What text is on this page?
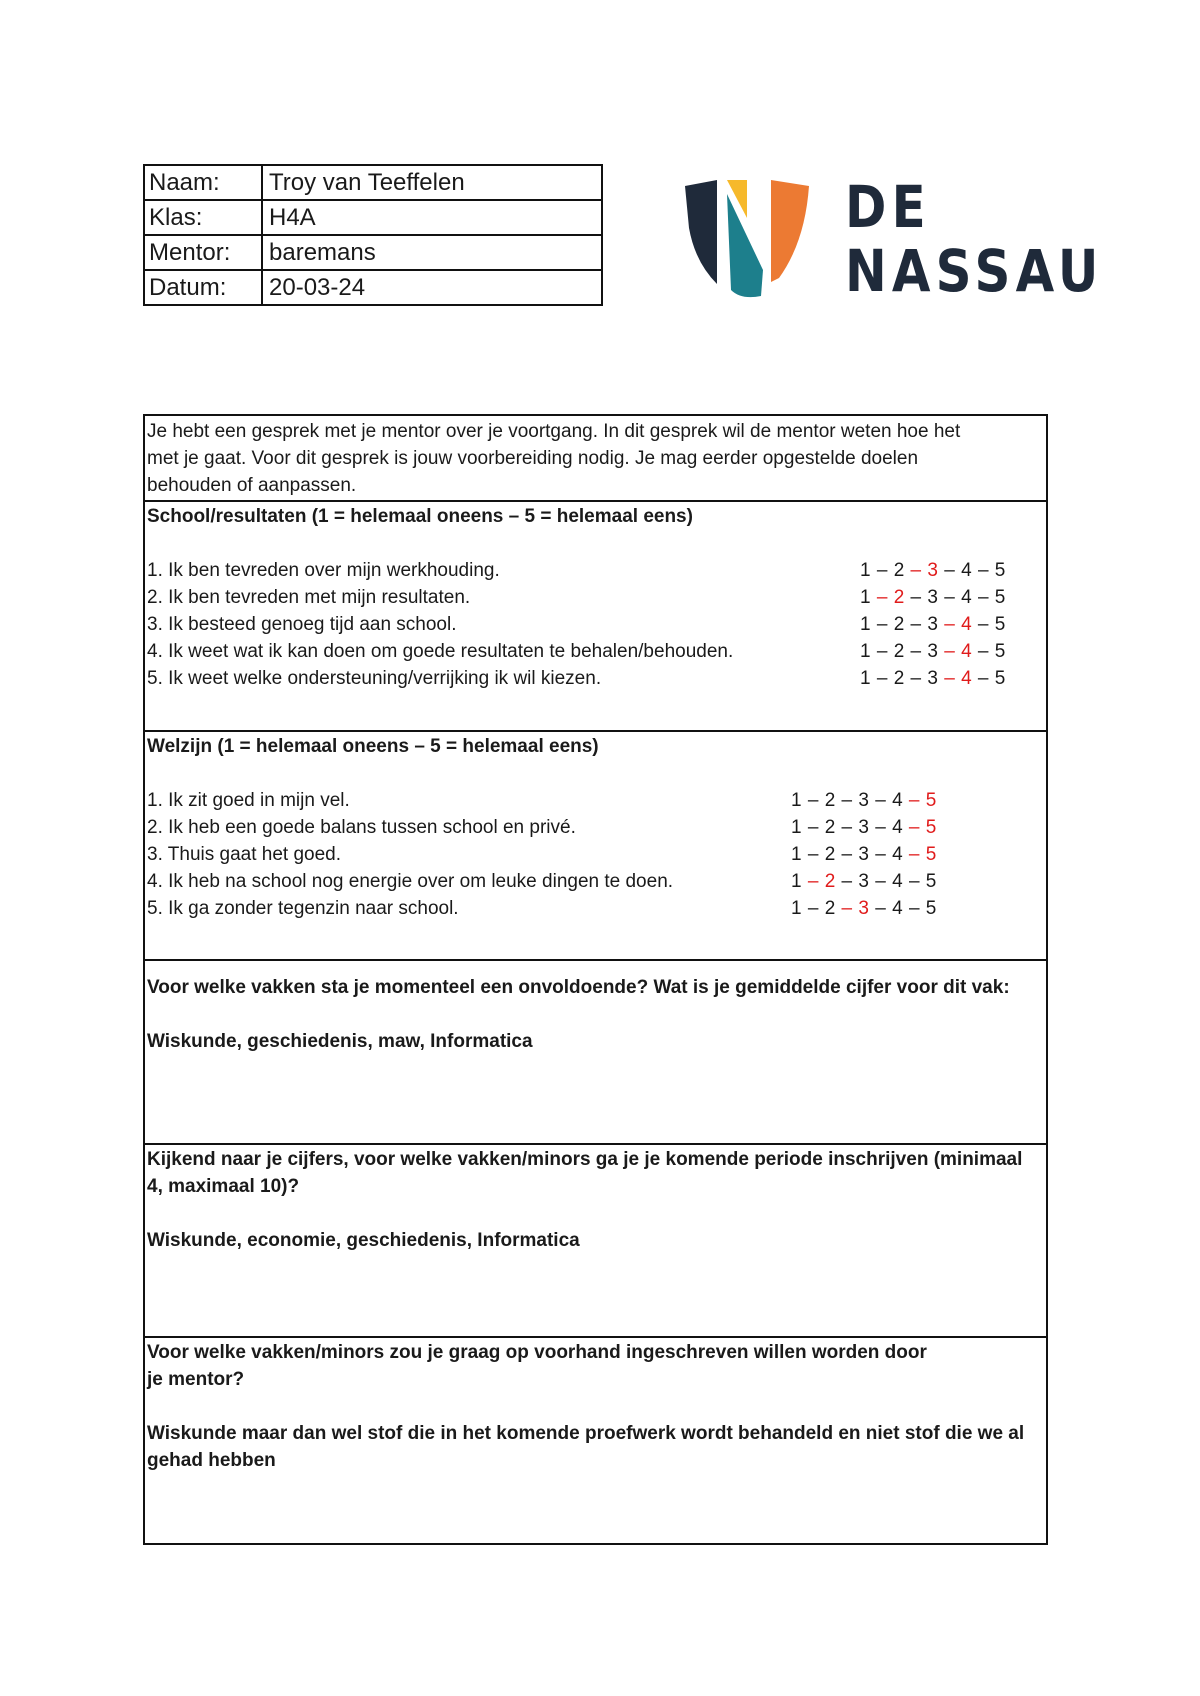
Naam:	Troy van Teeffelen
Klas:	H4A
Mentor:	baremans
Datum:	20-03-24
DE
NASSAU
Je hebt een gesprek met je mentor over je voortgang. In dit gesprek wil de mentor weten hoe het
met je gaat. Voor dit gesprek is jouw voorbereiding nodig. Je mag eerder opgestelde doelen
behouden of aanpassen.
School/resultaten (1 = helemaal oneens – 5 = helemaal eens)
1. Ik ben tevreden over mijn werkhouding.	1 – 2 – 3 – 4 – 5
2. Ik ben tevreden met mijn resultaten.	1 – 2 – 3 – 4 – 5
3. Ik besteed genoeg tijd aan school.	1 – 2 – 3 – 4 – 5
4. Ik weet wat ik kan doen om goede resultaten te behalen/behouden.	1 – 2 – 3 – 4 – 5
5. Ik weet welke ondersteuning/verrijking ik wil kiezen.	1 – 2 – 3 – 4 – 5
Welzijn (1 = helemaal oneens – 5 = helemaal eens)
1. Ik zit goed in mijn vel.	1 – 2 – 3 – 4 – 5
2. Ik heb een goede balans tussen school en privé.	1 – 2 – 3 – 4 – 5
3. Thuis gaat het goed.	1 – 2 – 3 – 4 – 5
4. Ik heb na school nog energie over om leuke dingen te doen.	1 – 2 – 3 – 4 – 5
5. Ik ga zonder tegenzin naar school.	1 – 2 – 3 – 4 – 5
Voor welke vakken sta je momenteel een onvoldoende? Wat is je gemiddelde cijfer voor dit vak:
Wiskunde, geschiedenis, maw, Informatica
Kijkend naar je cijfers, voor welke vakken/minors ga je je komende periode inschrijven (minimaal 4, maximaal 10)?
Wiskunde, economie, geschiedenis, Informatica
Voor welke vakken/minors zou je graag op voorhand ingeschreven willen worden door je mentor?
Wiskunde maar dan wel stof die in het komende proefwerk wordt behandeld en niet stof die we al gehad hebben
